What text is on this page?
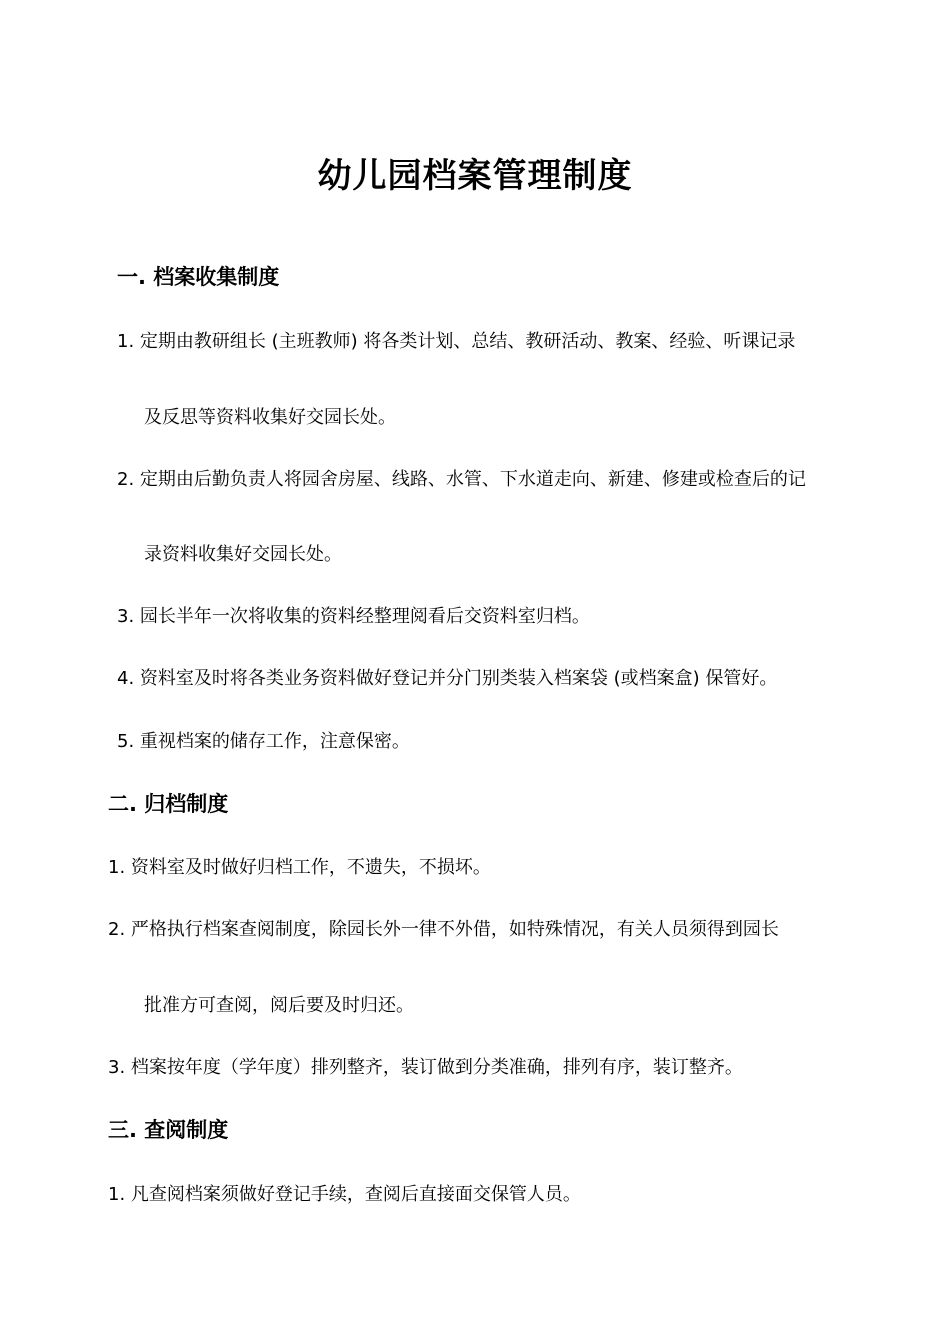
幼儿园档案管理制度
一. 档案收集制度

1. 定期由教研组长 (主班教师) 将各类计划、总结、教研活动、教案、经验、听课记录

及反思等资料收集好交园长处。

2. 定期由后勤负责人将园舍房屋、线路、水管、下水道走向、新建、修建或检查后的记

录资料收集好交园长处。

3. 园长半年一次将收集的资料经整理阅看后交资料室归档。

4. 资料室及时将各类业务资料做好登记并分门别类装入档案袋 (或档案盒) 保管好。

5. 重视档案的储存工作，注意保密。

二. 归档制度

1. 资料室及时做好归档工作，不遗失，不损坏。

2. 严格执行档案查阅制度，除园长外一律不外借，如特殊情况，有关人员须得到园长

批准方可查阅，阅后要及时归还。

3. 档案按年度（学年度）排列整齐，装订做到分类准确，排列有序，装订整齐。

三. 查阅制度

1. 凡查阅档案须做好登记手续，查阅后直接面交保管人员。
